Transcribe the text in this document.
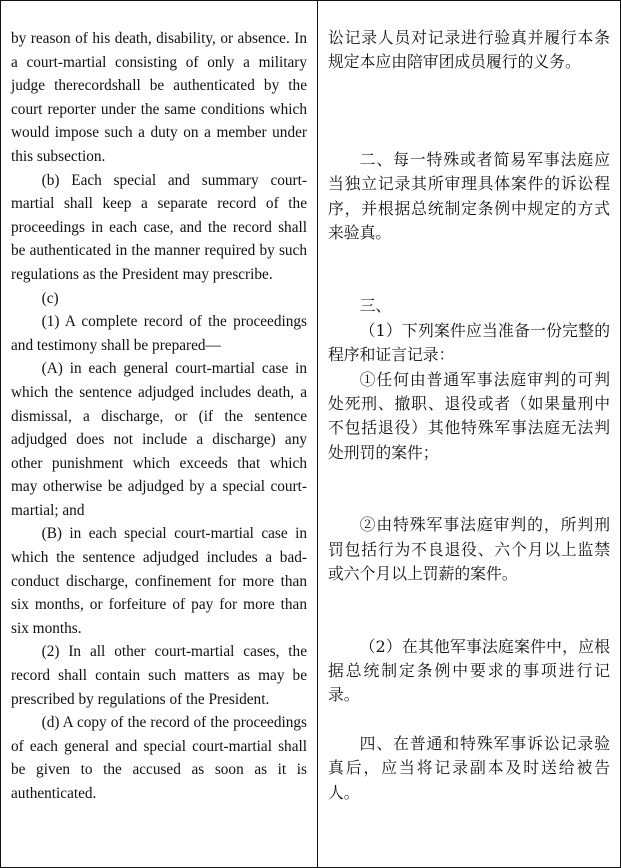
by reason of his death, disability, or absence. In a court-martial consisting of only a military judge therecordshall be authenticated by the court reporter under the same conditions which would impose such a duty on a member under this subsection.

(b) Each special and summary court-martial shall keep a separate record of the proceedings in each case, and the record shall be authenticated in the manner required by such regulations as the President may prescribe.

(c)

(1) A complete record of the proceedings and testimony shall be prepared—

(A) in each general court-martial case in which the sentence adjudged includes death, a dismissal, a discharge, or (if the sentence adjudged does not include a discharge) any other punishment which exceeds that which may otherwise be adjudged by a special court-martial; and

(B) in each special court-martial case in which the sentence adjudged includes a bad-conduct discharge, confinement for more than six months, or forfeiture of pay for more than six months.

(2) In all other court-martial cases, the record shall contain such matters as may be prescribed by regulations of the President.

(d) A copy of the record of the proceedings of each general and special court-martial shall be given to the accused as soon as it is authenticated.

讼记录人员对记录进行验真并履行本条规定本应由陪审团成员履行的义务。

二、每一特殊或者简易军事法庭应当独立记录其所审理具体案件的诉讼程序，并根据总统制定条例中规定的方式来验真。

三、

（1）下列案件应当准备一份完整的程序和证言记录：

①任何由普通军事法庭审判的可判处死刑、撤职、退役或者（如果量刑中不包括退役）其他特殊军事法庭无法判处刑罚的案件；

②由特殊军事法庭审判的，所判刑罚包括行为不良退役、六个月以上监禁或六个月以上罚薪的案件。

（2）在其他军事法庭案件中，应根据总统制定条例中要求的事项进行记录。

四、在普通和特殊军事诉讼记录验真后，应当将记录副本及时送给被告人。
